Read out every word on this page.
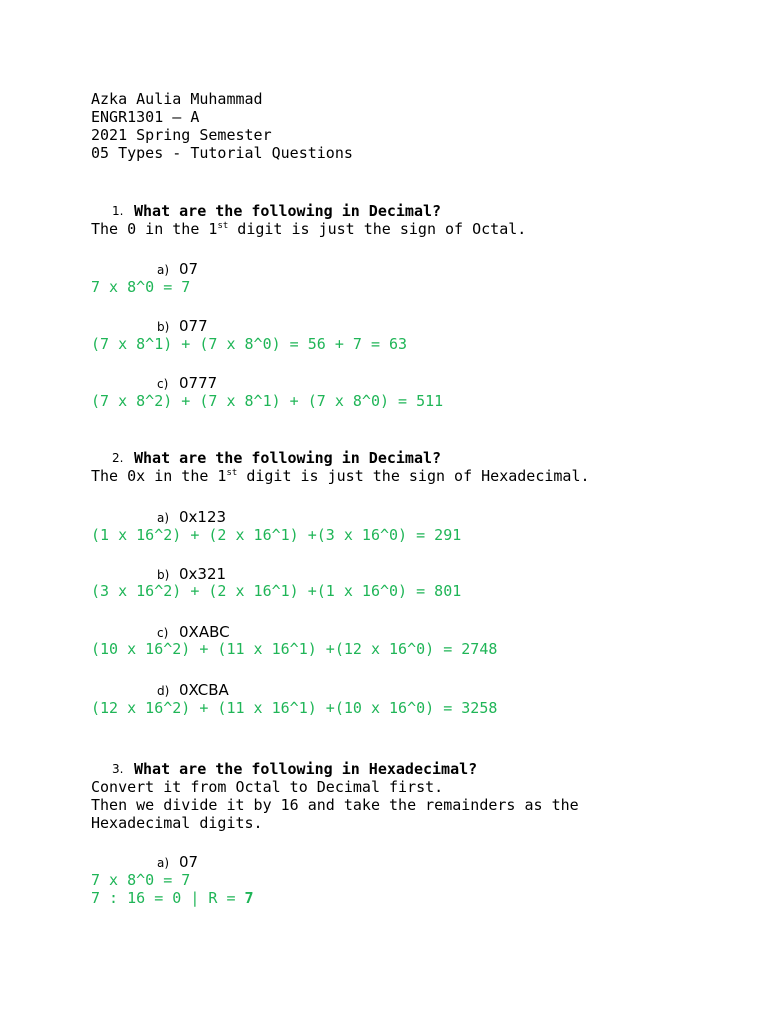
Azka Aulia Muhammad
ENGR1301 – A
2021 Spring Semester
05 Types - Tutorial Questions
1. What are the following in Decimal?
The 0 in the 1st digit is just the sign of Octal.
a) 07
7 x 8^0 = 7
b) 077
(7 x 8^1) + (7 x 8^0) = 56 + 7 = 63
c) 0777
(7 x 8^2) + (7 x 8^1) + (7 x 8^0) = 511
2. What are the following in Decimal?
The 0x in the 1st digit is just the sign of Hexadecimal.
a) 0x123
(1 x 16^2) + (2 x 16^1) +(3 x 16^0) = 291
b) 0x321
(3 x 16^2) + (2 x 16^1) +(1 x 16^0) = 801
c) 0XABC
(10 x 16^2) + (11 x 16^1) +(12 x 16^0) = 2748
d) 0XCBA
(12 x 16^2) + (11 x 16^1) +(10 x 16^0) = 3258
3. What are the following in Hexadecimal?
Convert it from Octal to Decimal first.
Then we divide it by 16 and take the remainders as the
Hexadecimal digits.
a) 07
7 x 8^0 = 7
7 : 16 = 0 | R = 7
